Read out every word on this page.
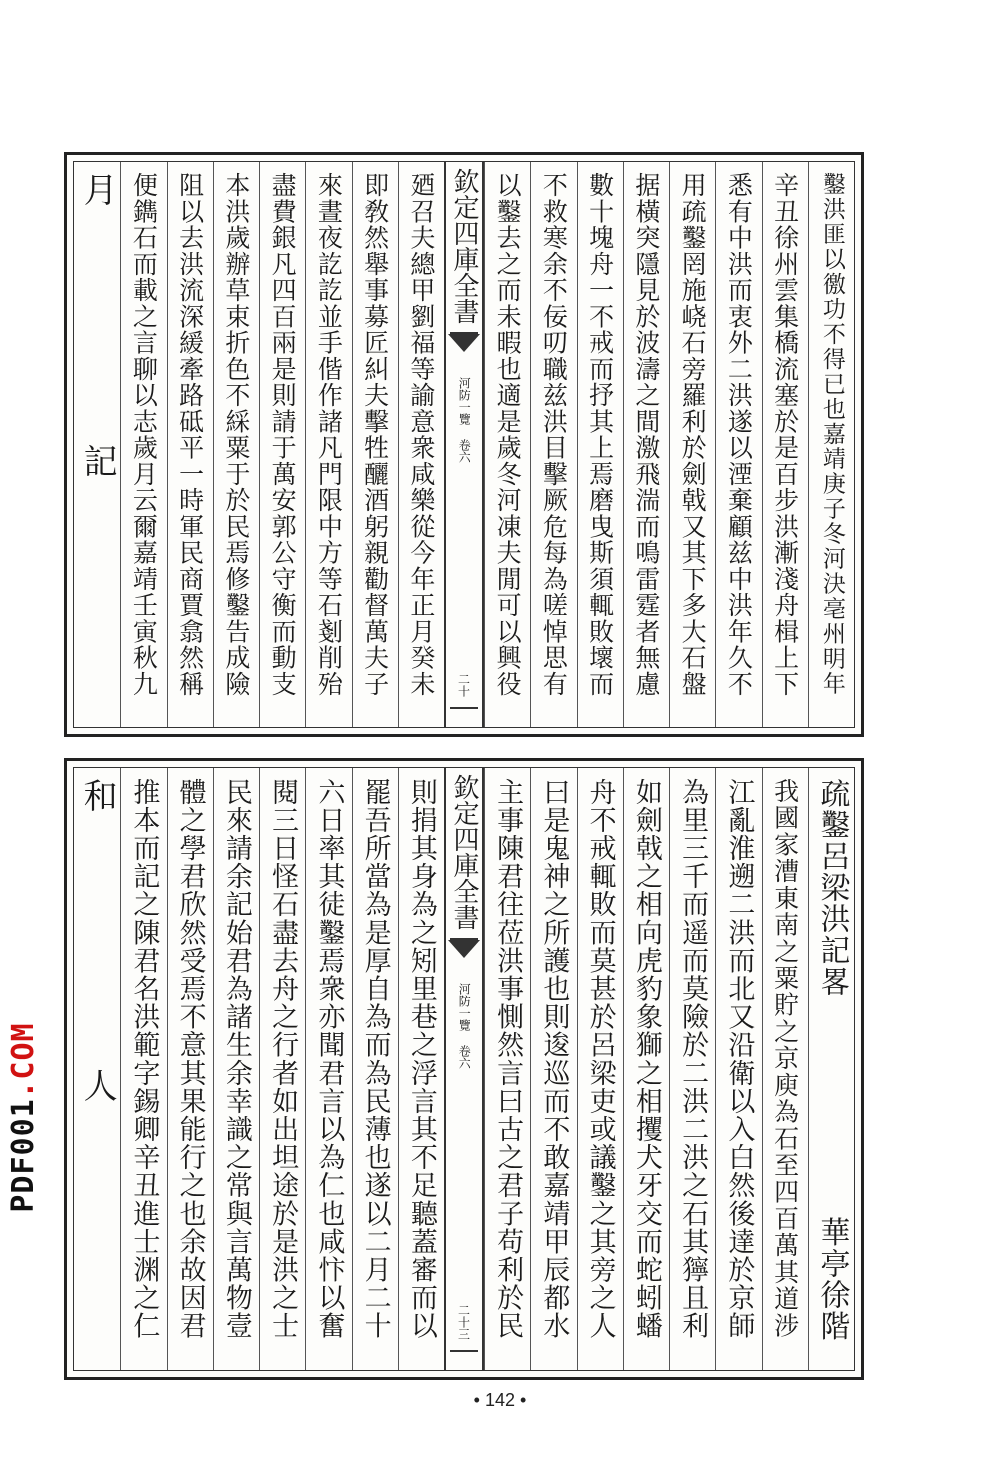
月記 便鐫石而載之言聊以志歲月云爾嘉靖壬寅秋九 阻以去洪流深緩牽路砥平一時軍民商賈翕然稱 本洪歲辦草束折色不綵粟于於民焉修鑿告成險 盡費銀凡四百兩是則請于萬安郭公守衡而動支 來晝夜訖訖並手偕作諸凡門限中方等石剗削殆 即敎然舉事募匠糾夫擊牲釃酒躬親勸督萬夫子 廼召夫總甲劉福等諭意衆咸樂從今年正月癸未 欽定四庫全書
河防一覽 卷六
二十 以鑿去之而未暇也適是歲冬河凍夫閒可以興役 不救寒余不佞叨職兹洪目擊厥危每為嗟悼思有 數十塊舟一不戒而抒其上焉磨曳斯須輒敗壞而 据橫突隱見於波濤之間激飛湍而鳴雷霆者無慮 用疏鑿罔施峣石旁羅利於劍戟又其下多大石盤 悉有中洪而衷外二洪遂以湮棄顧兹中洪年久不 辛丑徐州雲集橋流塞於是百步洪漸淺舟楫上下 鑿洪匪以徼功不得已也嘉靖庚子冬河決亳州明年
和人 推本而記之陳君名洪範字錫卿辛丑進士渊之仁 體之學君欣然受焉不意其果能行之也余故因君 民來請余記始君為諸生余幸識之常與言萬物壹 閱三日怪石盡去舟之行者如出坦途於是洪之士 六日率其徒鑿焉衆亦聞君言以為仁也咸忭以奮 罷吾所當為是厚自為而為民薄也遂以二月二十 則捐其身為之矧里巷之浮言其不足聽蓋審而以 欽定四庫全書
河防一覽 卷六
二十三 主事陳君往莅洪事惻然言曰古之君子苟利於民 曰是鬼神之所護也則逡巡而不敢嘉靖甲辰都水 舟不戒輒敗而莫甚於呂梁吏或議鑿之其旁之人 如劍戟之相向虎豹象獅之相攫犬牙交而蛇蚓蟠 為里三千而遥而莫險於二洪二洪之石其獰且利 江亂淮遡二洪而北又沿衛以入白然後達於京師 我國家漕東南之粟貯之京庾為石至四百萬其道涉 疏鑿呂梁洪記畧　　　　　　　華亭徐階
PDF001.COM
• 142 •
